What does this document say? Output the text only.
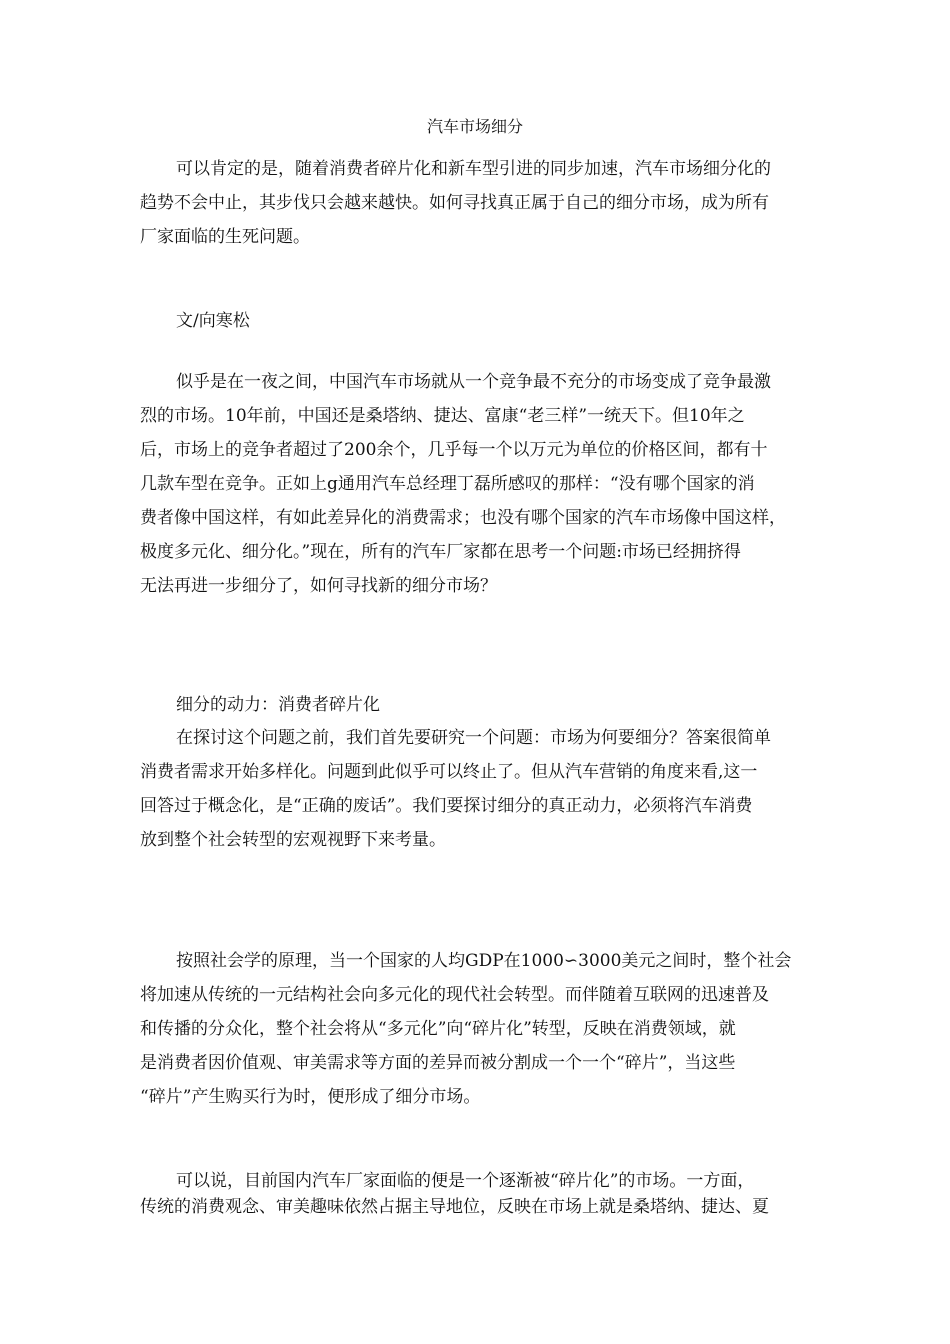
汽车市场细分
可以肯定的是，随着消费者碎片化和新车型引进的同步加速，汽车市场细分化的
趋势不会中止，其步伐只会越来越快。如何寻找真正属于自己的细分市场，成为所有
厂家面临的生死问题。
文/向寒松
似乎是在一夜之间，中国汽车市场就从一个竞争最不充分的市场变成了竞争最激
烈的市场。10年前，中国还是桑塔纳、捷达、富康“老三样”一统天下。但10年之
后，市场上的竞争者超过了200余个，几乎每一个以万元为单位的价格区间，都有十
几款车型在竞争。正如上g通用汽车总经理丁磊所感叹的那样：“没有哪个国家的消
费者像中国这样，有如此差异化的消费需求；也没有哪个国家的汽车市场像中国这样，
极度多元化、细分化。”现在，所有的汽车厂家都在思考一个问题:市场已经拥挤得
无法再进一步细分了，如何寻找新的细分市场？
细分的动力：消费者碎片化
在探讨这个问题之前，我们首先要研究一个问题：市场为何要细分？答案很简单
消费者需求开始多样化。问题到此似乎可以终止了。但从汽车营销的角度来看,这一
回答过于概念化，是“正确的废话”。我们要探讨细分的真正动力，必须将汽车消费
放到整个社会转型的宏观视野下来考量。
按照社会学的原理，当一个国家的人均GDP在1000∽3000美元之间时，整个社会
将加速从传统的一元结构社会向多元化的现代社会转型。而伴随着互联网的迅速普及
和传播的分众化，整个社会将从“多元化”向“碎片化”转型，反映在消费领域，就
是消费者因价值观、审美需求等方面的差异而被分割成一个一个“碎片”，当这些
“碎片”产生购买行为时，便形成了细分市场。
可以说，目前国内汽车厂家面临的便是一个逐渐被“碎片化”的市场。一方面，
传统的消费观念、审美趣味依然占据主导地位，反映在市场上就是桑塔纳、捷达、夏
